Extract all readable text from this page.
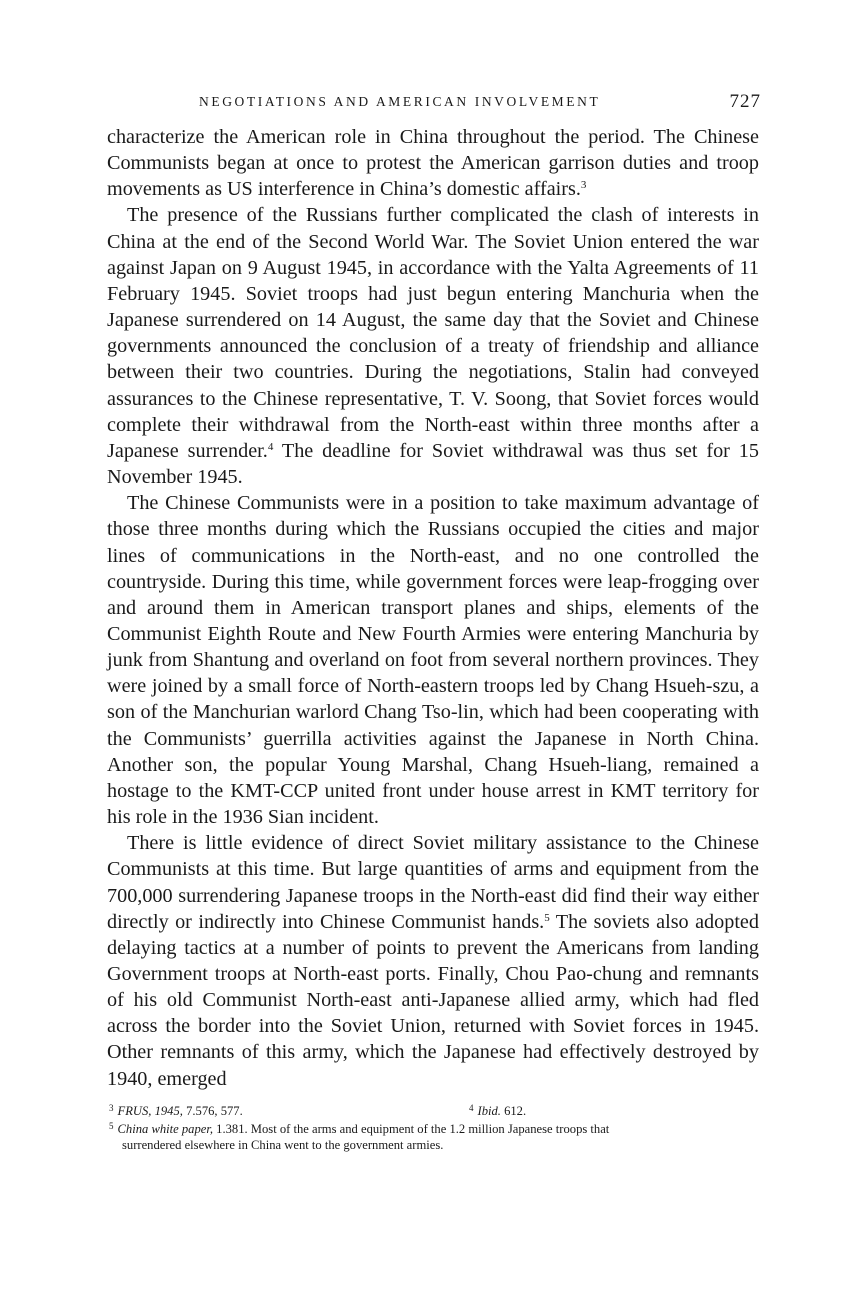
NEGOTIATIONS AND AMERICAN INVOLVEMENT	727

characterize the American role in China throughout the period. The Chinese Communists began at once to protest the American garrison duties and troop movements as US interference in China’s domestic affairs.$^3$

The presence of the Russians further complicated the clash of interests in China at the end of the Second World War. The Soviet Union entered the war against Japan on 9 August 1945, in accordance with the Yalta Agreements of 11 February 1945. Soviet troops had just begun entering Manchuria when the Japanese surrendered on 14 August, the same day that the Soviet and Chinese governments announced the conclusion of a treaty of friendship and alliance between their two countries. During the negotiations, Stalin had conveyed assurances to the Chinese representative, T. V. Soong, that Soviet forces would complete their withdrawal from the North-east within three months after a Japanese surrender.$^4$ The deadline for Soviet withdrawal was thus set for 15 November 1945.

The Chinese Communists were in a position to take maximum advantage of those three months during which the Russians occupied the cities and major lines of communications in the North-east, and no one controlled the countryside. During this time, while government forces were leap-frogging over and around them in American transport planes and ships, elements of the Communist Eighth Route and New Fourth Armies were entering Manchuria by junk from Shantung and overland on foot from several northern provinces. They were joined by a small force of North-eastern troops led by Chang Hsueh-szu, a son of the Manchurian warlord Chang Tso-lin, which had been cooperating with the Communists’ guerrilla activities against the Japanese in North China. Another son, the popular Young Marshal, Chang Hsueh-liang, remained a hostage to the KMT-CCP united front under house arrest in KMT territory for his role in the 1936 Sian incident.

There is little evidence of direct Soviet military assistance to the Chinese Communists at this time. But large quantities of arms and equipment from the 700,000 surrendering Japanese troops in the North-east did find their way either directly or indirectly into Chinese Communist hands.$^5$ The soviets also adopted delaying tactics at a number of points to prevent the Americans from landing Government troops at North-east ports. Finally, Chou Pao-chung and remnants of his old Communist North-east anti-Japanese allied army, which had fled across the border into the Soviet Union, returned with Soviet forces in 1945. Other remnants of this army, which the Japanese had effectively destroyed by 1940, emerged

$^3$ FRUS, 1945, 7.576, 577.	$^4$ Ibid. 612.
$^5$ China white paper, 1.381. Most of the arms and equipment of the 1.2 million Japanese troops that
surrendered elsewhere in China went to the government armies.
